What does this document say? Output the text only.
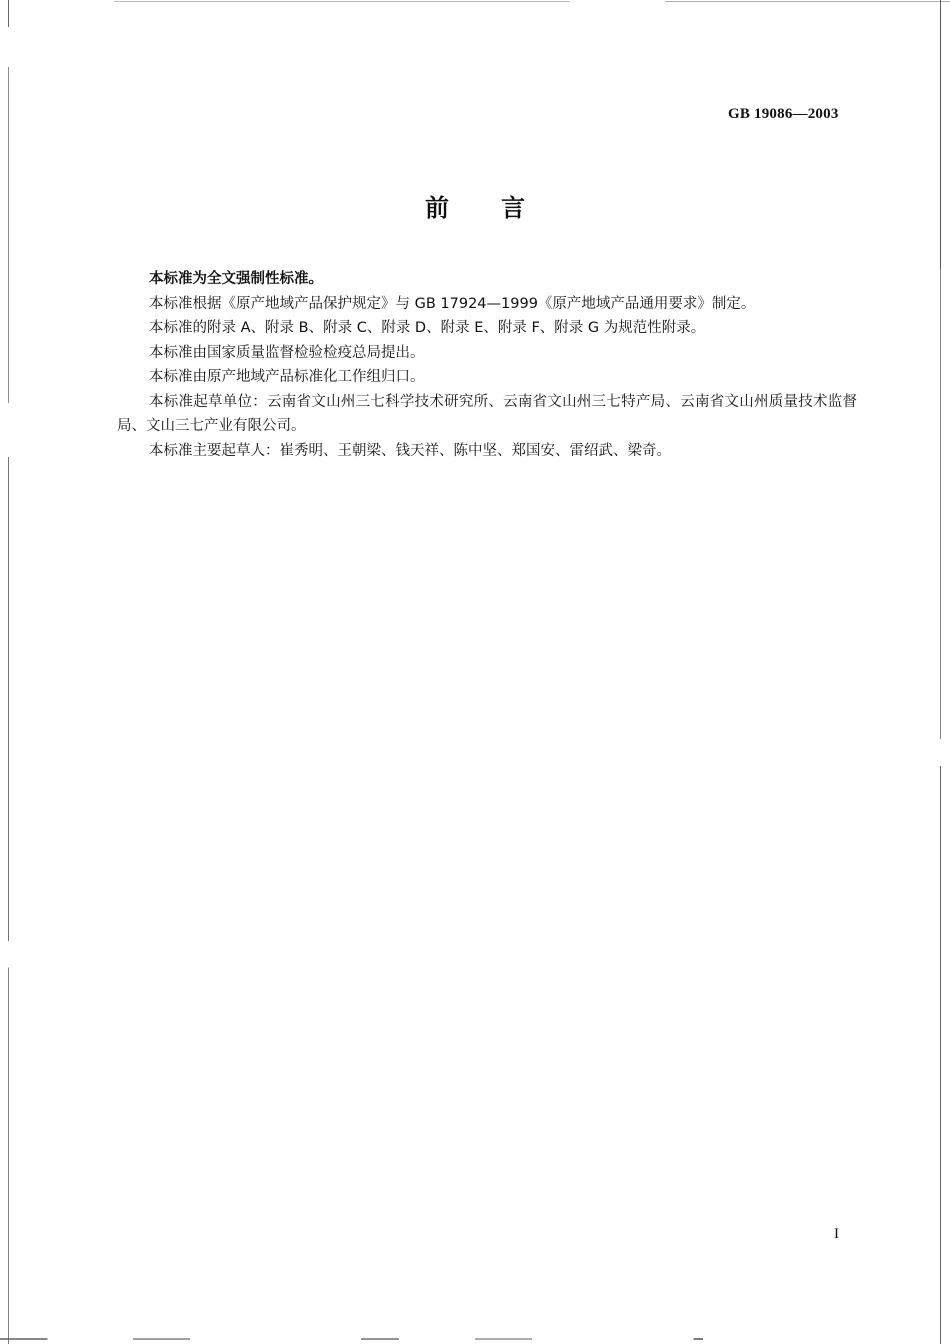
GB 19086—2003
前 言

本标准为全文强制性标准。

本标准根据《原产地域产品保护规定》与 GB 17924—1999《原产地域产品通用要求》制定。

本标准的附录 A、附录 B、附录 C、附录 D、附录 E、附录 F、附录 G 为规范性附录。

本标准由国家质量监督检验检疫总局提出。

本标准由原产地域产品标准化工作组归口。

本标准起草单位：云南省文山州三七科学技术研究所、云南省文山州三七特产局、云南省文山州质量技术监督局、文山三七产业有限公司。

本标准主要起草人：崔秀明、王朝梁、钱天祥、陈中坚、郑国安、雷绍武、梁奇。

I
